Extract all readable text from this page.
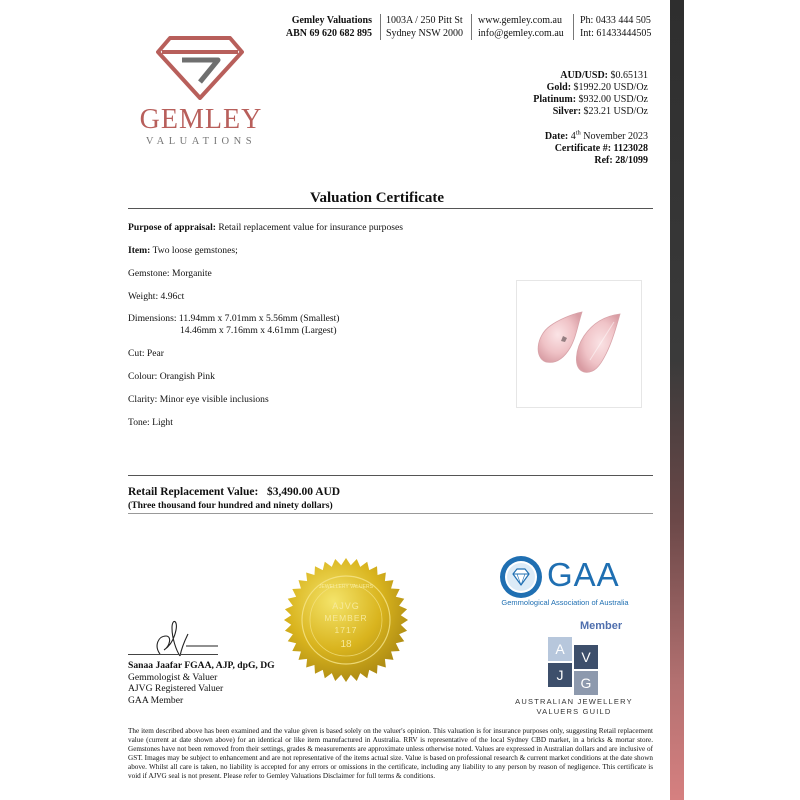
Gemley Valuations
ABN 69 620 682 895
1003A / 250 Pitt St
Sydney NSW 2000
www.gemley.com.au
info@gemley.com.au
Ph: 0433 444 505
Int: 61433444505
GEMLEY
VALUATIONS
AUD/USD: $0.65131
Gold: $1992.20 USD/Oz
Platinum: $932.00 USD/Oz
Silver: $23.21 USD/Oz
Date: 4th November 2023
Certificate #: 1123028
Ref: 28/1099
Valuation Certificate
Purpose of appraisal: Retail replacement value for insurance purposes
Item: Two loose gemstones;
Gemstone: Morganite
Weight: 4.96ct
Dimensions: 11.94mm x 7.01mm x 5.56mm (Smallest)
14.46mm x 7.16mm x 4.61mm (Largest)
Cut: Pear
Colour: Orangish Pink
Clarity: Minor eye visible inclusions
Tone: Light
Retail Replacement Value: $3,490.00 AUD
(Three thousand four hundred and ninety dollars)
JEWELLERY VALUERS
AJVG
MEMBER
1717
18
Sanaa Jaafar FGAA, AJP, dpG, DG
Gemmologist & Valuer
AJVG Registered Valuer
GAA Member
GAA
Gemmological Association of Australia
Member
A	V
J	G
AUSTRALIAN JEWELLERY
VALUERS GUILD
The item described above has been examined and the value given is based solely on the valuer's opinion. This valuation is for insurance purposes only, suggesting Retail replacement value (current at date shown above) for an identical or like item manufactured in Australia. RRV is representative of the local Sydney CBD market, in a bricks & mortar store. Gemstones have not been removed from their settings, grades & measurements are approximate unless otherwise noted. Values are expressed in Australian dollars and are inclusive of GST. Images may be subject to enhancement and are not representative of the items actual size. Value is based on professional research & current market conditions at the date shown above. Whilst all care is taken, no liability is accepted for any errors or omissions in the certificate, including any liability to any person by reason of negligence. This certificate is void if AJVG seal is not present. Please refer to Gemley Valuations Disclaimer for full terms & conditions.
